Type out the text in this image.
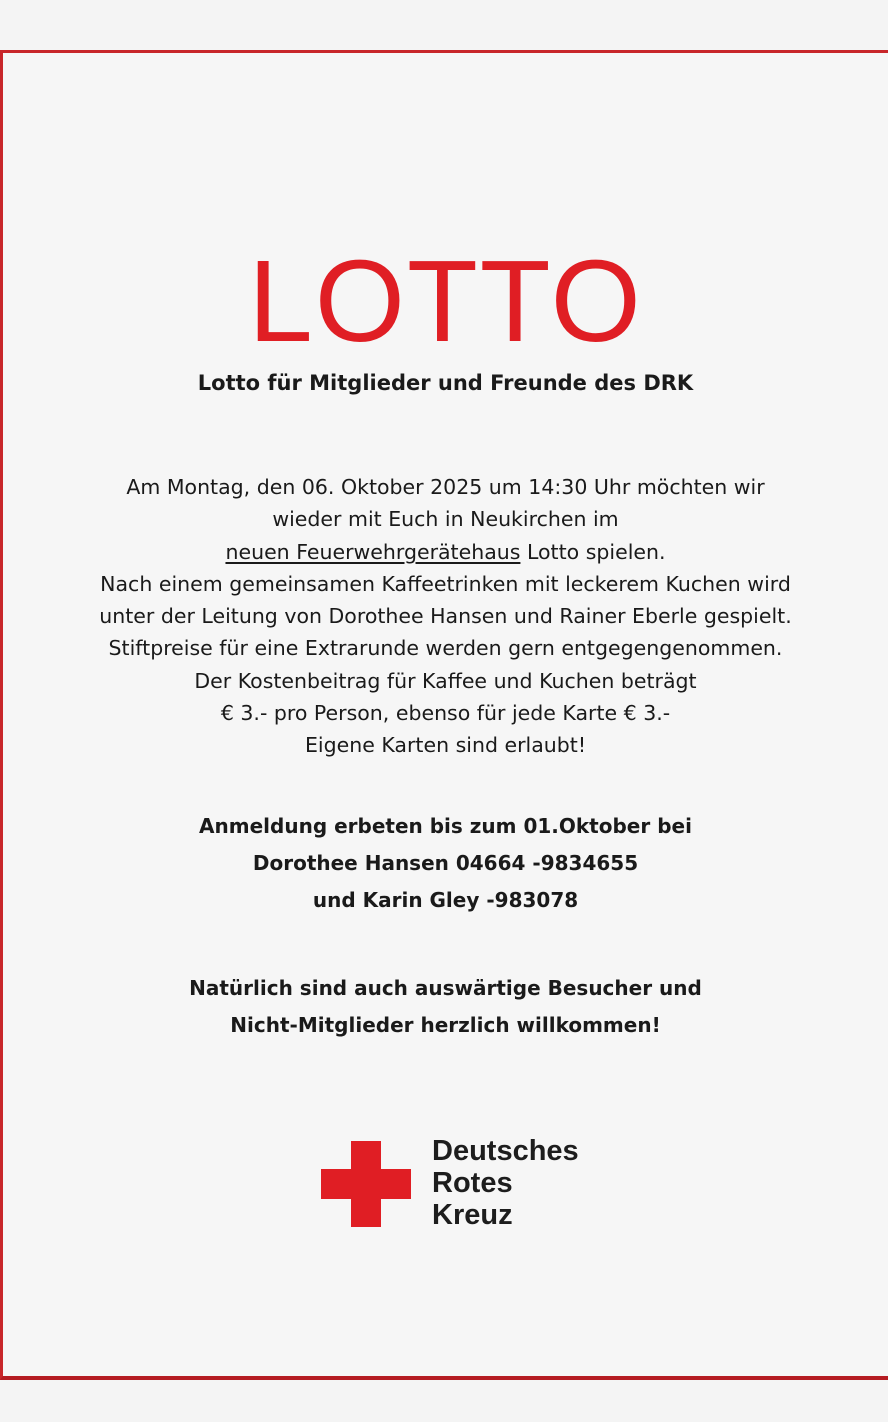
LOTTO
Lotto für Mitglieder und Freunde des DRK
Am Montag, den 06. Oktober 2025 um 14:30 Uhr möchten wir
wieder mit Euch in Neukirchen im
neuen Feuerwehrgerätehaus Lotto spielen.
Nach einem gemeinsamen Kaffeetrinken mit leckerem Kuchen wird
unter der Leitung von Dorothee Hansen und Rainer Eberle gespielt.
Stiftpreise für eine Extrarunde werden gern entgegengenommen.
Der Kostenbeitrag für Kaffee und Kuchen beträgt
€ 3.- pro Person, ebenso für jede Karte € 3.-
Eigene Karten sind erlaubt!
Anmeldung erbeten bis zum 01.Oktober bei
Dorothee Hansen 04664 -9834655
und Karin Gley -983078
Natürlich sind auch auswärtige Besucher und
Nicht-Mitglieder herzlich willkommen!
Deutsches
Rotes
Kreuz
